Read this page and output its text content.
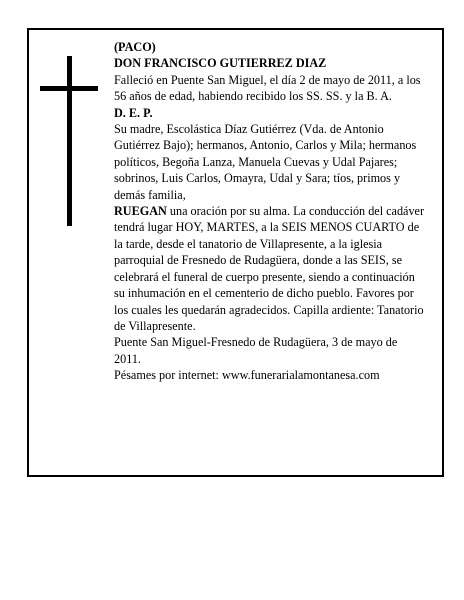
(PACO)

DON FRANCISCO GUTIERREZ DIAZ

Falleció en Puente San Miguel, el día 2 de mayo de 2011, a los 56 años de edad, habiendo recibido los SS. SS. y la B. A.

D. E. P.

Su madre, Escolástica Díaz Gutiérrez (Vda. de Antonio Gutiérrez Bajo); hermanos, Antonio, Carlos y Mila; hermanos políticos, Begoña Lanza, Manuela Cuevas y Udal Pajares; sobrinos, Luis Carlos, Omayra, Udal y Sara; tíos, primos y demás familia,

RUEGAN una oración por su alma. La conducción del cadáver tendrá lugar HOY, MARTES, a la SEIS MENOS CUARTO de la tarde, desde el tanatorio de Villapresente, a la iglesia parroquial de Fresnedo de Rudagüera, donde a las SEIS, se celebrará el funeral de cuerpo presente, siendo a continuación su inhumación en el cementerio de dicho pueblo. Favores por los cuales les quedarán agradecidos. Capilla ardiente: Tanatorio de Villapresente.

Puente San Miguel-Fresnedo de Rudagüera, 3 de mayo de 2011.

Pésames por internet: www.funerarialamontanesa.com
